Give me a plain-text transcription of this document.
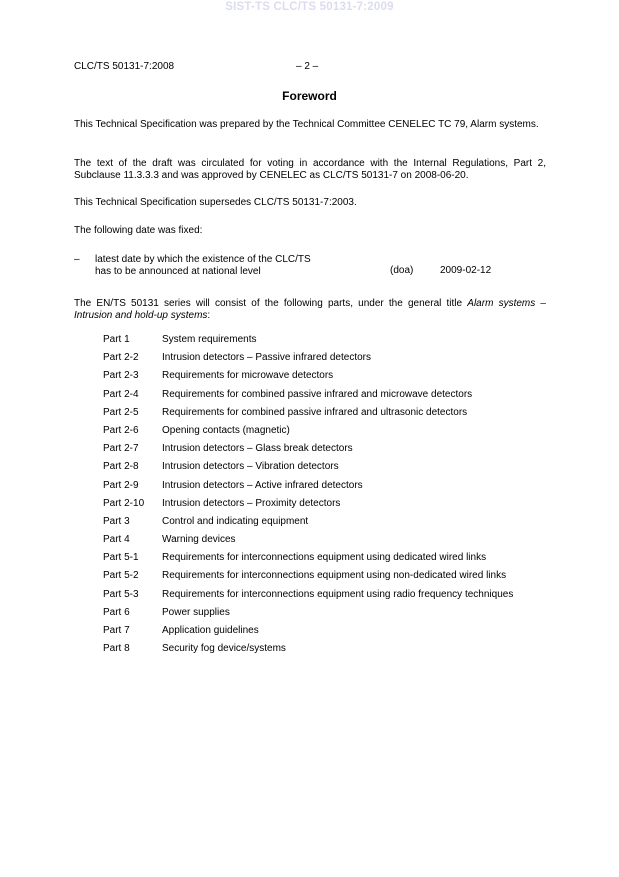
SIST-TS CLC/TS 50131-7:2009
CLC/TS 50131-7:2008	– 2 –
Foreword
This Technical Specification was prepared by the Technical Committee CENELEC TC 79, Alarm systems.
The text of the draft was circulated for voting in accordance with the Internal Regulations, Part 2, Subclause 11.3.3.3 and was approved by CENELEC as CLC/TS 50131-7 on 2008-06-20.
This Technical Specification supersedes CLC/TS 50131-7:2003.
The following date was fixed:
– latest date by which the existence of the CLC/TS
has to be announced at national level	(doa)	2009-02-12
The EN/TS 50131 series will consist of the following parts, under the general title Alarm systems – Intrusion and hold-up systems:
Part 1	System requirements
Part 2-2 Intrusion detectors – Passive infrared detectors
Part 2-3 Requirements for microwave detectors
Part 2-4 Requirements for combined passive infrared and microwave detectors
Part 2-5 Requirements for combined passive infrared and ultrasonic detectors
Part 2-6 Opening contacts (magnetic)
Part 2-7 Intrusion detectors – Glass break detectors
Part 2-8 Intrusion detectors – Vibration detectors
Part 2-9 Intrusion detectors – Active infrared detectors
Part 2-10 Intrusion detectors – Proximity detectors
Part 3	Control and indicating equipment
Part 4	Warning devices
Part 5-1 Requirements for interconnections equipment using dedicated wired links
Part 5-2 Requirements for interconnections equipment using non-dedicated wired links
Part 5-3 Requirements for interconnections equipment using radio frequency techniques
Part 6	Power supplies
Part 7	Application guidelines
Part 8	Security fog device/systems
